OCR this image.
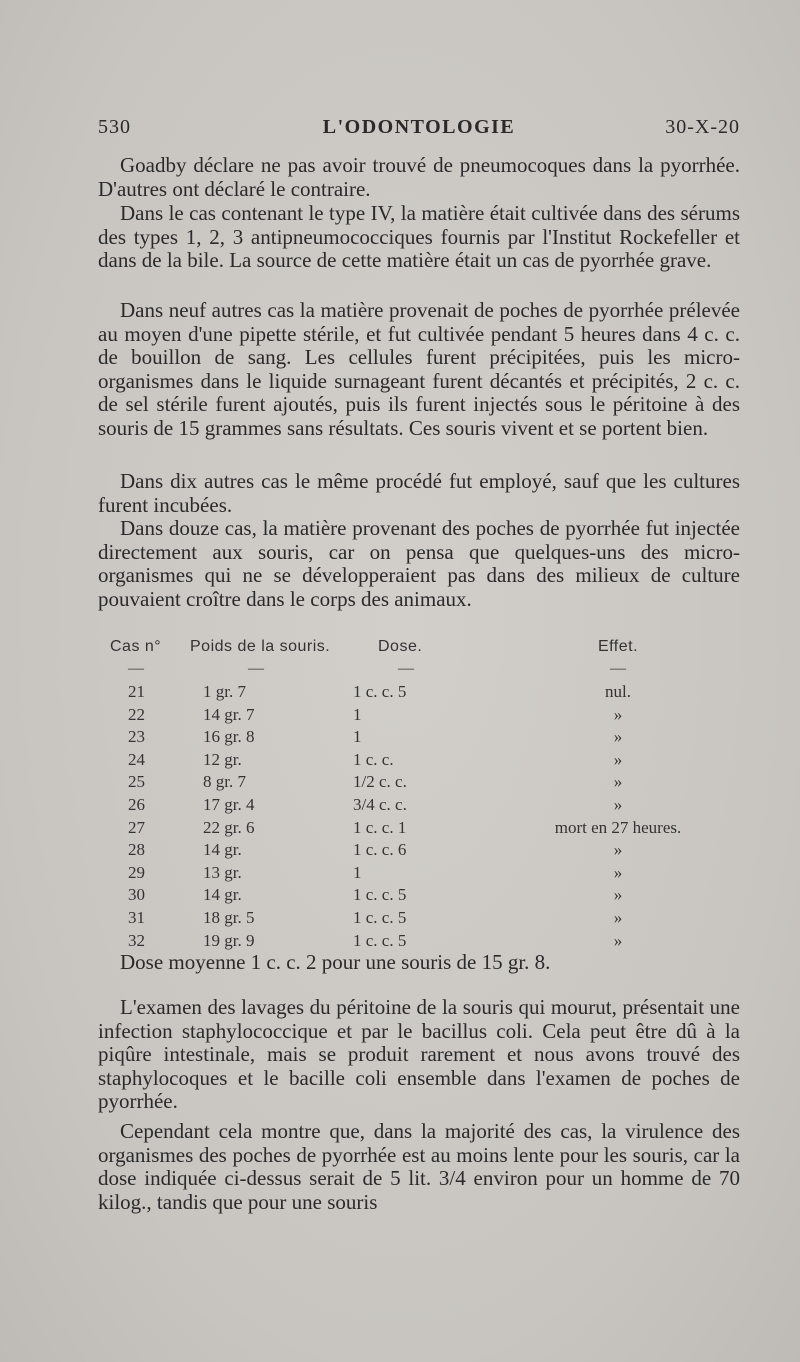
530	L'ODONTOLOGIE	30-X-20

Goadby déclare ne pas avoir trouvé de pneumocoques dans la pyorrhée. D'autres ont déclaré le contraire.

Dans le cas contenant le type IV, la matière était cultivée dans des sérums des types 1, 2, 3 antipneumococciques fournis par l'Institut Rockefeller et dans de la bile. La source de cette matière était un cas de pyorrhée grave.

Dans neuf autres cas la matière provenait de poches de pyorrhée prélevée au moyen d'une pipette stérile, et fut cultivée pendant 5 heures dans 4 c. c. de bouillon de sang. Les cellules furent précipitées, puis les micro-organismes dans le liquide surnageant furent décantés et précipités, 2 c. c. de sel stérile furent ajoutés, puis ils furent injectés sous le péritoine à des souris de 15 grammes sans résultats. Ces souris vivent et se portent bien.

Dans dix autres cas le même procédé fut employé, sauf que les cultures furent incubées.

Dans douze cas, la matière provenant des poches de pyorrhée fut injectée directement aux souris, car on pensa que quelques-uns des micro-organismes qui ne se développeraient pas dans des milieux de culture pouvaient croître dans le corps des animaux.

Cas n° Poids de la souris.	Dose.	Effet.
—	—	—	—
21	1 gr. 7	1 c. c. 5	nul.
22	14 gr. 7	1	»
23	16 gr. 8	1	»
24	12 gr.	1 c. c.	»
25	8 gr. 7	1/2 c. c.	»
26	17 gr. 4	3/4 c. c.	»
27	22 gr. 6	1 c. c. 1	mort en 27 heures.
28	14 gr.	1 c. c. 6	»
29	13 gr.	1	»
30	14 gr.	1 c. c. 5	»
31	18 gr. 5	1 c. c. 5	»
32	19 gr. 9	1 c. c. 5	»
Dose moyenne 1 c. c. 2 pour une souris de 15 gr. 8.

L'examen des lavages du péritoine de la souris qui mourut, présentait une infection staphylococcique et par le bacillus coli. Cela peut être dû à la piqûre intestinale, mais se produit rarement et nous avons trouvé des staphylocoques et le bacille coli ensemble dans l'examen de poches de pyorrhée.

Cependant cela montre que, dans la majorité des cas, la virulence des organismes des poches de pyorrhée est au moins lente pour les souris, car la dose indiquée ci-dessus serait de 5 lit. 3/4 environ pour un homme de 70 kilog., tandis que pour une souris
